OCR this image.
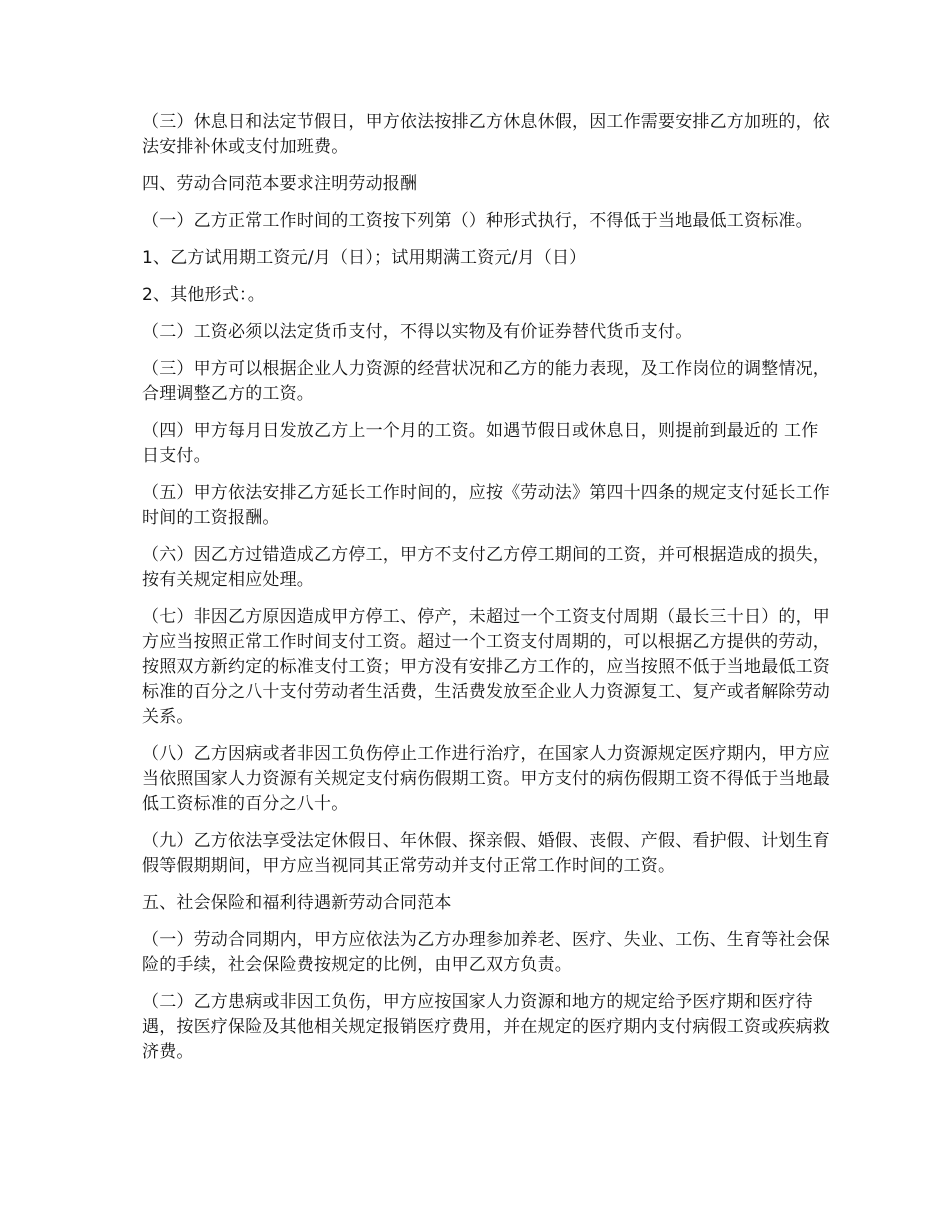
（三）休息日和法定节假日，甲方依法按排乙方休息休假，因工作需要安排乙方加班的，依法安排补休或支付加班费。

四、劳动合同范本要求注明劳动报酬

（一）乙方正常工作时间的工资按下列第（）种形式执行，不得低于当地最低工资标准。

1、乙方试用期工资元/月（日）；试用期满工资元/月（日）

2、其他形式：。

（二）工资必须以法定货币支付，不得以实物及有价证券替代货币支付。

（三）甲方可以根据企业人力资源的经营状况和乙方的能力表现，及工作岗位的调整情况，合理调整乙方的工资。

（四）甲方每月日发放乙方上一个月的工资。如遇节假日或休息日，则提前到最近的 工作日支付。

（五）甲方依法安排乙方延长工作时间的，应按《劳动法》第四十四条的规定支付延长工作时间的工资报酬。

（六）因乙方过错造成乙方停工，甲方不支付乙方停工期间的工资，并可根据造成的损失，按有关规定相应处理。

（七）非因乙方原因造成甲方停工、停产，未超过一个工资支付周期（最长三十日）的，甲方应当按照正常工作时间支付工资。超过一个工资支付周期的，可以根据乙方提供的劳动，按照双方新约定的标准支付工资；甲方没有安排乙方工作的，应当按照不低于当地最低工资标准的百分之八十支付劳动者生活费，生活费发放至企业人力资源复工、复产或者解除劳动关系。

（八）乙方因病或者非因工负伤停止工作进行治疗，在国家人力资源规定医疗期内，甲方应当依照国家人力资源有关规定支付病伤假期工资。甲方支付的病伤假期工资不得低于当地最低工资标准的百分之八十。

（九）乙方依法享受法定休假日、年休假、探亲假、婚假、丧假、产假、看护假、计划生育假等假期期间，甲方应当视同其正常劳动并支付正常工作时间的工资。

五、社会保险和福利待遇新劳动合同范本

（一）劳动合同期内，甲方应依法为乙方办理参加养老、医疗、失业、工伤、生育等社会保险的手续，社会保险费按规定的比例，由甲乙双方负责。

（二）乙方患病或非因工负伤，甲方应按国家人力资源和地方的规定给予医疗期和医疗待遇，按医疗保险及其他相关规定报销医疗费用，并在规定的医疗期内支付病假工资或疾病救济费。
